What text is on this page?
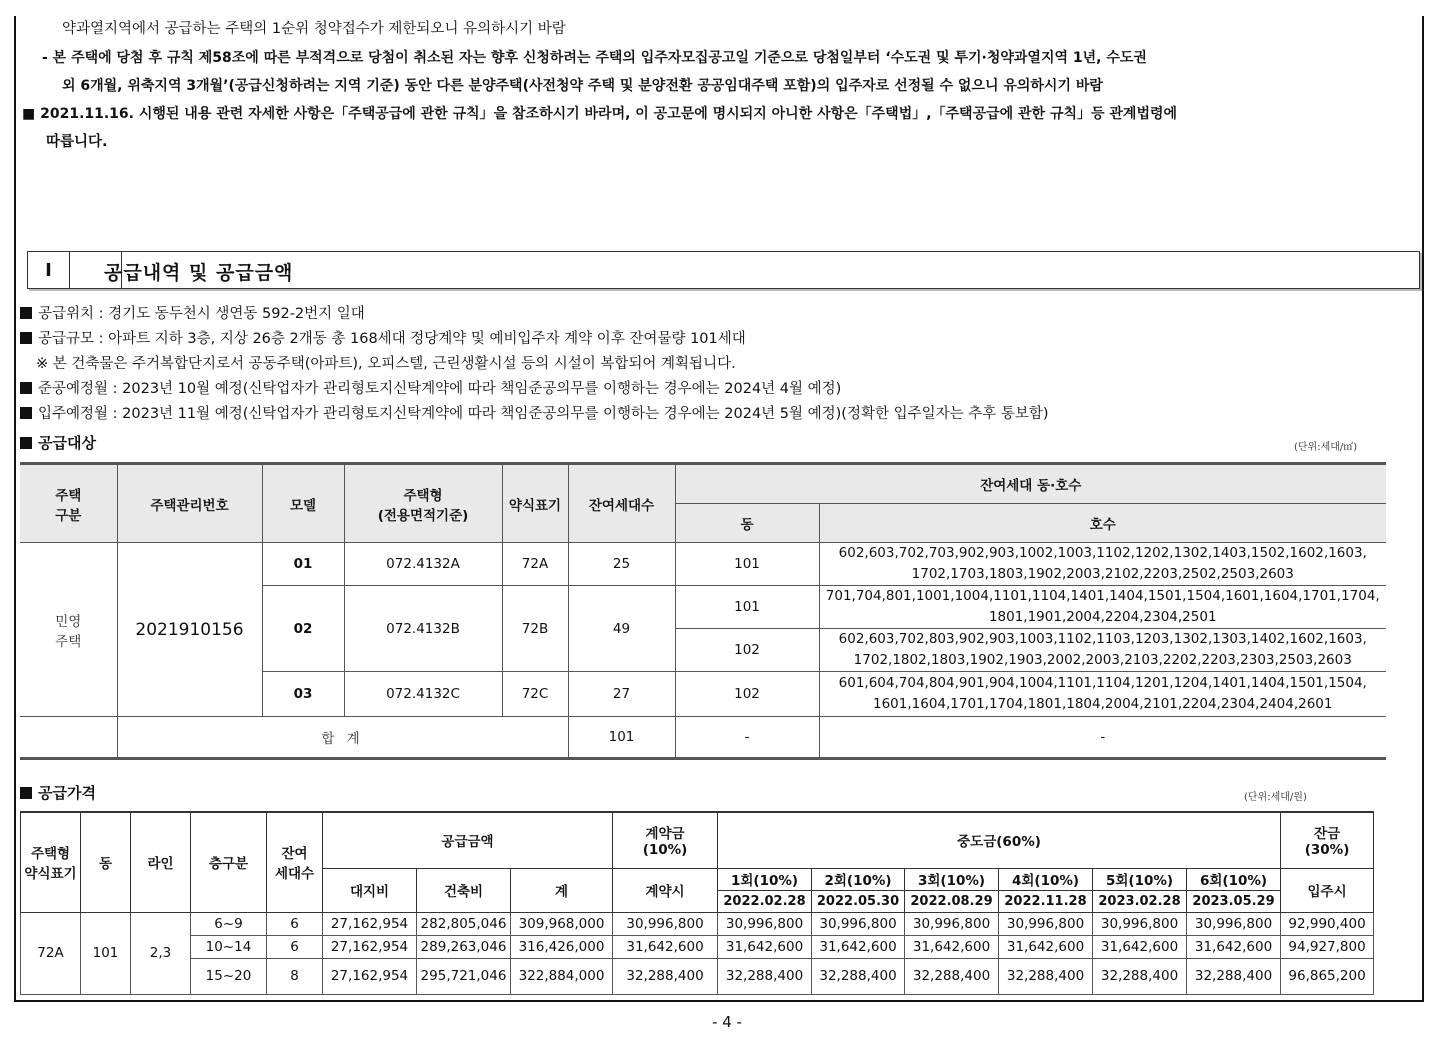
약과열지역에서 공급하는 주택의 1순위 청약접수가 제한되오니 유의하시기 바람
- 본 주택에 당첨 후 규칙 제58조에 따른 부적격으로 당첨이 취소된 자는 향후 신청하려는 주택의 입주자모집공고일 기준으로 당첨일부터 ‘수도권 및 투기·청약과열지역 1년, 수도권
외 6개월, 위축지역 3개월’(공급신청하려는 지역 기준) 동안 다른 분양주택(사전청약 주택 및 분양전환 공공임대주택 포함)의 입주자로 선정될 수 없으니 유의하시기 바람
■ 2021.11.16. 시행된 내용 관련 자세한 사항은「주택공급에 관한 규칙」을 참조하시기 바라며, 이 공고문에 명시되지 아니한 사항은「주택법」,「주택공급에 관한 규칙」등 관계법령에
따릅니다.
I	공급내역 및 공급금액
공급위치 : 경기도 동두천시 생연동 592-2번지 일대
공급규모 : 아파트 지하 3층, 지상 26층 2개동 총 168세대 정당계약 및 예비입주자 계약 이후 잔여물량 101세대
※ 본 건축물은 주거복합단지로서 공동주택(아파트), 오피스텔, 근린생활시설 등의 시설이 복합되어 계획됩니다.
준공예정월 : 2023년 10월 예정(신탁업자가 관리형토지신탁계약에 따라 책임준공의무를 이행하는 경우에는 2024년 4월 예정)
입주예정월 : 2023년 11월 예정(신탁업자가 관리형토지신탁계약에 따라 책임준공의무를 이행하는 경우에는 2024년 5월 예정)(정확한 입주일자는 추후 통보함)
공급대상	(단위:세대/㎡)
주택
구분	주택관리번호	모델	주택형
(전용면적기준)	약식표기	잔여세대수	잔여세대 동·호수	
						동	호수
민영
주택	2021910156	01	072.4132A	72A	25	101	602,603,702,703,902,903,1002,1003,1102,1202,1302,1403,1502,1602,1603,
1702,1703,1803,1902,2003,2102,2203,2502,2503,2603
		02	072.4132B	72B	49	101	701,704,801,1001,1004,1101,1104,1401,1404,1501,1504,1601,1604,1701,1704,
1801,1901,2004,2204,2304,2501
						102	602,603,702,803,902,903,1003,1102,1103,1203,1302,1303,1402,1602,1603,
1702,1802,1803,1902,1903,2002,2003,2103,2202,2203,2303,2503,2603
		03	072.4132C	72C	27	102	601,604,704,804,901,904,1004,1101,1104,1201,1204,1401,1404,1501,1504,
1601,1604,1701,1704,1801,1804,2004,2101,2204,2304,2404,2601
	합 계				101	-	-
공급가격	(단위:세대/원)
주택형
약식표기	동	라인	층구분	잔여
세대수	공급금액			계약금
(10%)	중도금(60%)						잔금
(30%)
					대지비	건축비	계	계약시	1회(10%)	2회(10%)	3회(10%)	4회(10%)	5회(10%)	6회(10%)	입주시
									2022.02.28	2022.05.30	2022.08.29	2022.11.28	2023.02.28	2023.05.29	
72A	101	2,3	6~9	6	27,162,954	282,805,046	309,968,000	30,996,800	30,996,800	30,996,800	30,996,800	30,996,800	30,996,800	30,996,800	92,990,400
			10~14	6	27,162,954	289,263,046	316,426,000	31,642,600	31,642,600	31,642,600	31,642,600	31,642,600	31,642,600	31,642,600	94,927,800
			15~20	8	27,162,954	295,721,046	322,884,000	32,288,400	32,288,400	32,288,400	32,288,400	32,288,400	32,288,400	32,288,400	96,865,200
- 4 -
